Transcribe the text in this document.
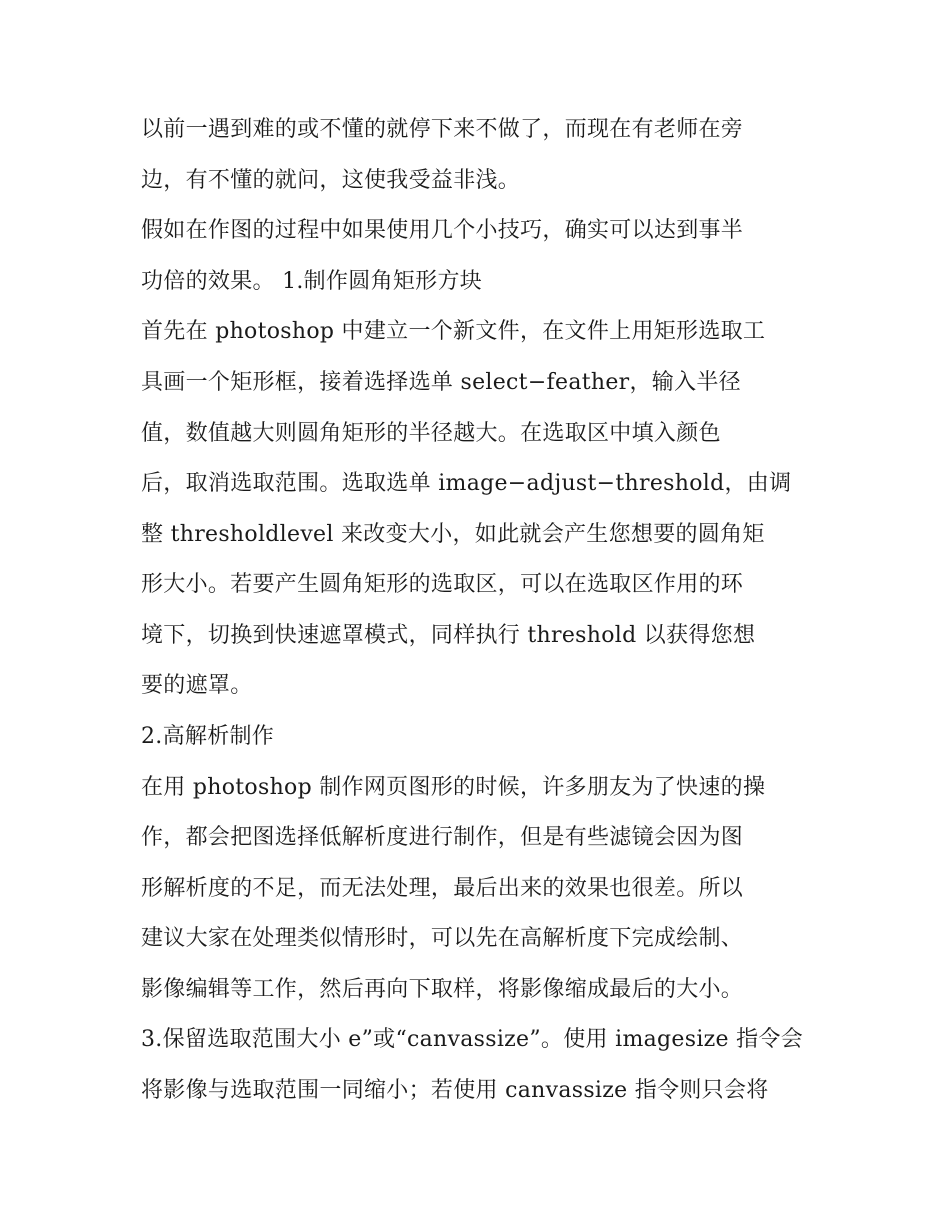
以前一遇到难的或不懂的就停下来不做了，而现在有老师在旁
边，有不懂的就问，这使我受益非浅。
假如在作图的过程中如果使用几个小技巧，确实可以达到事半
功倍的效果。 1.制作圆角矩形方块
首先在 photoshop 中建立一个新文件，在文件上用矩形选取工
具画一个矩形框，接着选择选单 select−feather，输入半径
值，数值越大则圆角矩形的半径越大。在选取区中填入颜色
后，取消选取范围。选取选单 image−adjust−threshold，由调
整 thresholdlevel 来改变大小，如此就会产生您想要的圆角矩
形大小。若要产生圆角矩形的选取区，可以在选取区作用的环
境下，切换到快速遮罩模式，同样执行 threshold 以获得您想
要的遮罩。
2.高解析制作
在用 photoshop 制作网页图形的时候，许多朋友为了快速的操
作，都会把图选择低解析度进行制作，但是有些滤镜会因为图
形解析度的不足，而无法处理，最后出来的效果也很差。所以
建议大家在处理类似情形时，可以先在高解析度下完成绘制、
影像编辑等工作，然后再向下取样，将影像缩成最后的大小。
3.保留选取范围大小 e”或“canvassize”。使用 imagesize 指令会
将影像与选取范围一同缩小；若使用 canvassize 指令则只会将
